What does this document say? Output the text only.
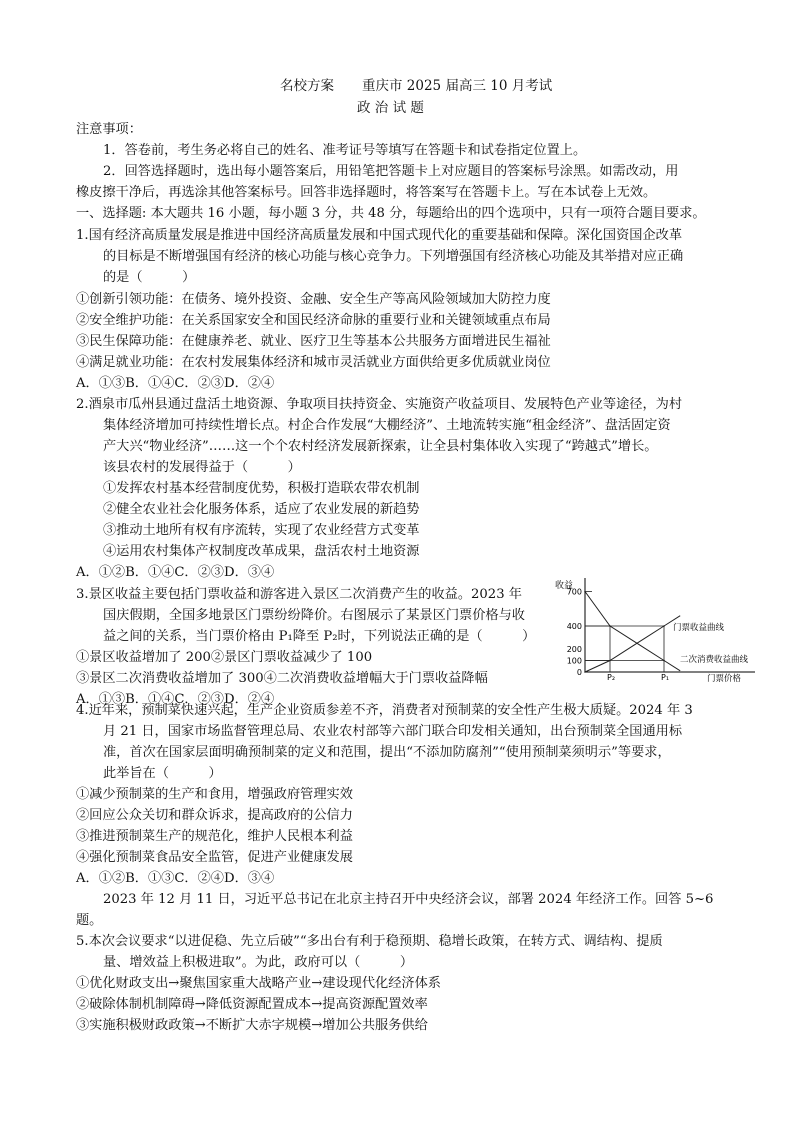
名校方案 重庆市 2025 届高三 10 月考试
政 治 试 题
注意事项：
1．答卷前，考生务必将自己的姓名、准考证号等填写在答题卡和试卷指定位置上。
2．回答选择题时，选出每小题答案后，用铅笔把答题卡上对应题目的答案标号涂黑。如需改动，用
橡皮擦干净后，再选涂其他答案标号。回答非选择题时，将答案写在答题卡上。写在本试卷上无效。
一、选择题: 本大题共 16 小题，每小题 3 分，共 48 分，每题给出的四个选项中，只有一项符合题目要求。
1.国有经济高质量发展是推进中国经济高质量发展和中国式现代化的重要基础和保障。深化国资国企改革
的目标是不断增强国有经济的核心功能与核心竞争力。下列增强国有经济核心功能及其举措对应正确
的是（　　　）
①创新引领功能：在债务、境外投资、金融、安全生产等高风险领域加大防控力度
②安全维护功能：在关系国家安全和国民经济命脉的重要行业和关键领域重点布局
③民生保障功能：在健康养老、就业、医疗卫生等基本公共服务方面增进民生福祉
④满足就业功能：在农村发展集体经济和城市灵活就业方面供给更多优质就业岗位
A．①③B．①④C．②③D．②④
2.酒泉市瓜州县通过盘活土地资源、争取项目扶持资金、实施资产收益项目、发展特色产业等途径，为村
集体经济增加可持续性增长点。村企合作发展“大棚经济”、土地流转实施“租金经济”、盘活固定资
产大兴“物业经济”……这一个个农村经济发展新探索，让全县村集体收入实现了“跨越式”增长。
该县农村的发展得益于（　　　）
①发挥农村基本经营制度优势，积极打造联农带农机制
②健全农业社会化服务体系，适应了农业发展的新趋势
③推动土地所有权有序流转，实现了农业经营方式变革
④运用农村集体产权制度改革成果，盘活农村土地资源
A．①②B．①④C．②③D．③④
3.景区收益主要包括门票收益和游客进入景区二次消费产生的收益。2023 年
国庆假期，全国多地景区门票纷纷降价。右图展示了某景区门票价格与收
益之间的关系，当门票价格由 P₁降至 P₂时，下列说法正确的是（　　　）
①景区收益增加了 200②景区门票收益减少了 100
③景区二次消费收益增加了 300④二次消费收益增幅大于门票收益降幅
A．①③B．①④C．②③D．②④
收益
700
400
200
100
0
P₂	P₁	门票价格
门票收益曲线
二次消费收益曲线
4.近年来，预制菜快速兴起，生产企业资质参差不齐，消费者对预制菜的安全性产生极大质疑。2024 年 3
月 21 日，国家市场监督管理总局、农业农村部等六部门联合印发相关通知，出台预制菜全国通用标
准，首次在国家层面明确预制菜的定义和范围，提出“不添加防腐剂”“使用预制菜须明示”等要求，
此举旨在（　　　）
①减少预制菜的生产和食用，增强政府管理实效
②回应公众关切和群众诉求，提高政府的公信力
③推进预制菜生产的规范化，维护人民根本利益
④强化预制菜食品安全监管，促进产业健康发展
A．①②B．①③C．②④D．③④
2023 年 12 月 11 日，习近平总书记在北京主持召开中央经济会议，部署 2024 年经济工作。回答 5~6
题。
5.本次会议要求“以进促稳、先立后破”“多出台有利于稳预期、稳增长政策，在转方式、调结构、提质
量、增效益上积极进取”。为此，政府可以（　　　）
①优化财政支出→聚焦国家重大战略产业→建设现代化经济体系
②破除体制机制障碍→降低资源配置成本→提高资源配置效率
③实施积极财政政策→不断扩大赤字规模→增加公共服务供给
